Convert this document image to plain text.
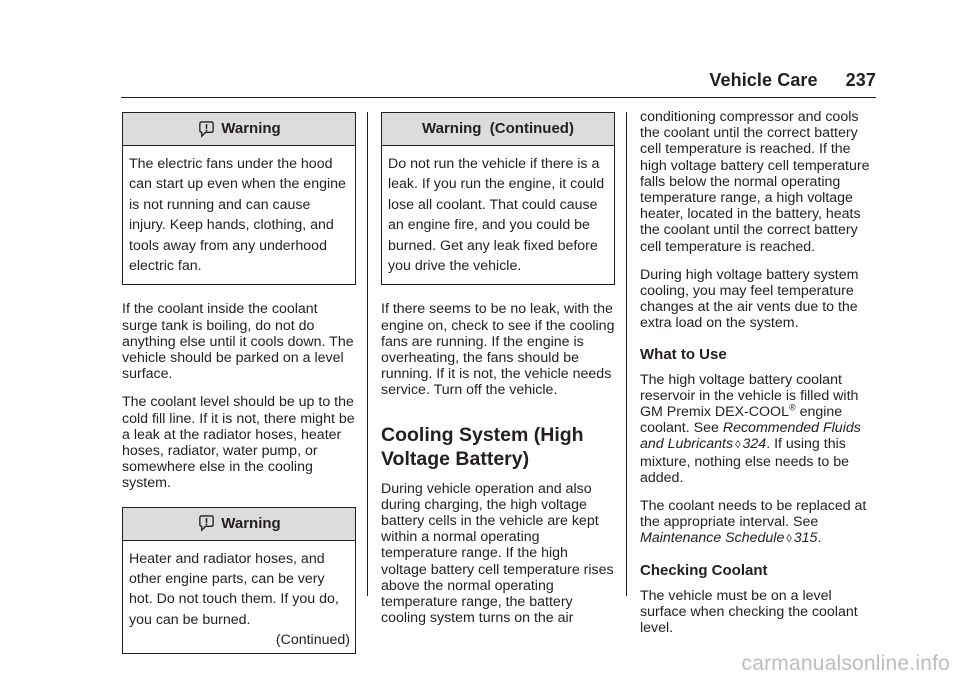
Vehicle Care 237
Warning
The electric fans under the hood can start up even when the engine is not running and can cause injury. Keep hands, clothing, and tools away from any underhood electric fan.

If the coolant inside the coolant surge tank is boiling, do not do anything else until it cools down. The vehicle should be parked on a level surface.

The coolant level should be up to the cold fill line. If it is not, there might be a leak at the radiator hoses, heater hoses, radiator, water pump, or somewhere else in the cooling system.

Warning
Heater and radiator hoses, and other engine parts, can be very hot. Do not touch them. If you do, you can be burned.
(Continued)
Warning  (Continued)
Do not run the vehicle if there is a leak. If you run the engine, it could lose all coolant. That could cause an engine fire, and you could be burned. Get any leak fixed before you drive the vehicle.

If there seems to be no leak, with the engine on, check to see if the cooling fans are running. If the engine is overheating, the fans should be running. If it is not, the vehicle needs service. Turn off the vehicle.

Cooling System (High Voltage Battery)

During vehicle operation and also during charging, the high voltage battery cells in the vehicle are kept within a normal operating temperature range. If the high voltage battery cell temperature rises above the normal operating temperature range, the battery cooling system turns on the air

conditioning compressor and cools the coolant until the correct battery cell temperature is reached. If the high voltage battery cell temperature falls below the normal operating temperature range, a high voltage heater, located in the battery, heats the coolant until the correct battery cell temperature is reached.

During high voltage battery system cooling, you may feel temperature changes at the air vents due to the extra load on the system.

What to Use

The high voltage battery coolant reservoir in the vehicle is filled with GM Premix DEX-COOL® engine coolant. See Recommended Fluids and Lubricants ◊ 324. If using this mixture, nothing else needs to be added.

The coolant needs to be replaced at the appropriate interval. See Maintenance Schedule ◊ 315.

Checking Coolant

The vehicle must be on a level surface when checking the coolant level.

carmanualsonline.info
